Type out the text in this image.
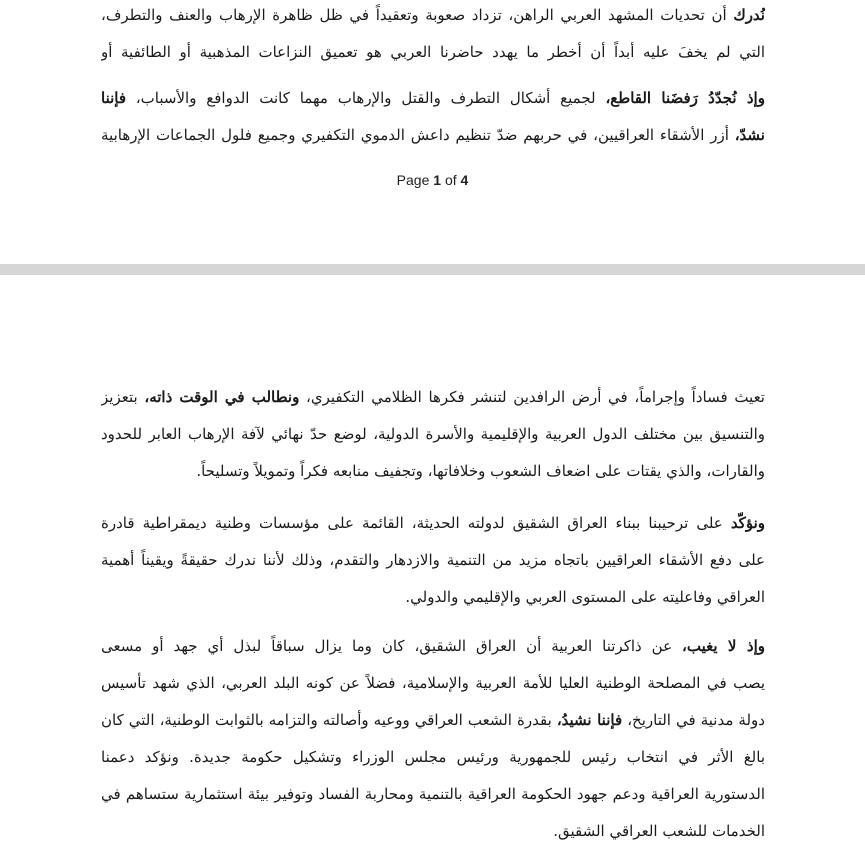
نُدرك أن تحديات المشهد العربي الراهن، تزداد صعوبة وتعقيداً في ظل ظاهرة الإرهاب والعنف والتطرف،
التي لم يخفَ عليه أبداً أن أخطر ما يهدد حاضرنا العربي هو تعميق النزاعات المذهبية أو الطائفية أو
وإذ نُجدّدُ رَفضَنا القاطع، لجميع أشكال التطرف والقتل والإرهاب مهما كانت الدوافع والأسباب، فإننا
نشدّ، أزر الأشقاء العراقيين، في حربهم ضدّ تنظيم داعش الدموي التكفيري وجميع فلول الجماعات الإرهابية
Page 1 of 4
تعيث فساداً وإجراماً، في أرض الرافدين لتنشر فكرها الظلامي التكفيري، ونطالب في الوقت ذاته، بتعزيز
والتنسيق بين مختلف الدول العربية والإقليمية والأسرة الدولية، لوضع حدّ نهائي لآفة الإرهاب العابر للحدود
والقارات، والذي يقتات على اضعاف الشعوب وخلافاتها، وتجفيف منابعه فكراً وتمويلاً وتسليحاً.
ونؤكّد على ترحيبنا ببناء العراق الشقيق لدولته الحديثة، القائمة على مؤسسات وطنية ديمقراطية قادرة
على دفع الأشقاء العراقيين باتجاه مزيد من التنمية والازدهار والتقدم، وذلك لأننا ندرك حقيقةً ويقيناً أهمية
العراقي وفاعليته على المستوى العربي والإقليمي والدولي.
وإذ لا يغيب، عن ذاكرتنا العربية أن العراق الشقيق، كان وما يزال سباقاً لبذل أي جهد أو مسعى
يصب في المصلحة الوطنية العليا للأمة العربية والإسلامية، فضلاً عن كونه البلد العربي، الذي شهد تأسيس
دولة مدنية في التاريخ، فإننا نشيدُ، بقدرة الشعب العراقي ووعيه وأصالته والتزامه بالثوابت الوطنية، التي كان
بالغ الأثر في انتخاب رئيس للجمهورية ورئيس مجلس الوزراء وتشكيل حكومة جديدة. ونؤكد دعمنا
الدستورية العراقية ودعم جهود الحكومة العراقية بالتنمية ومحاربة الفساد وتوفير بيئة استثمارية ستساهم في
الخدمات للشعب العراقي الشقيق.
